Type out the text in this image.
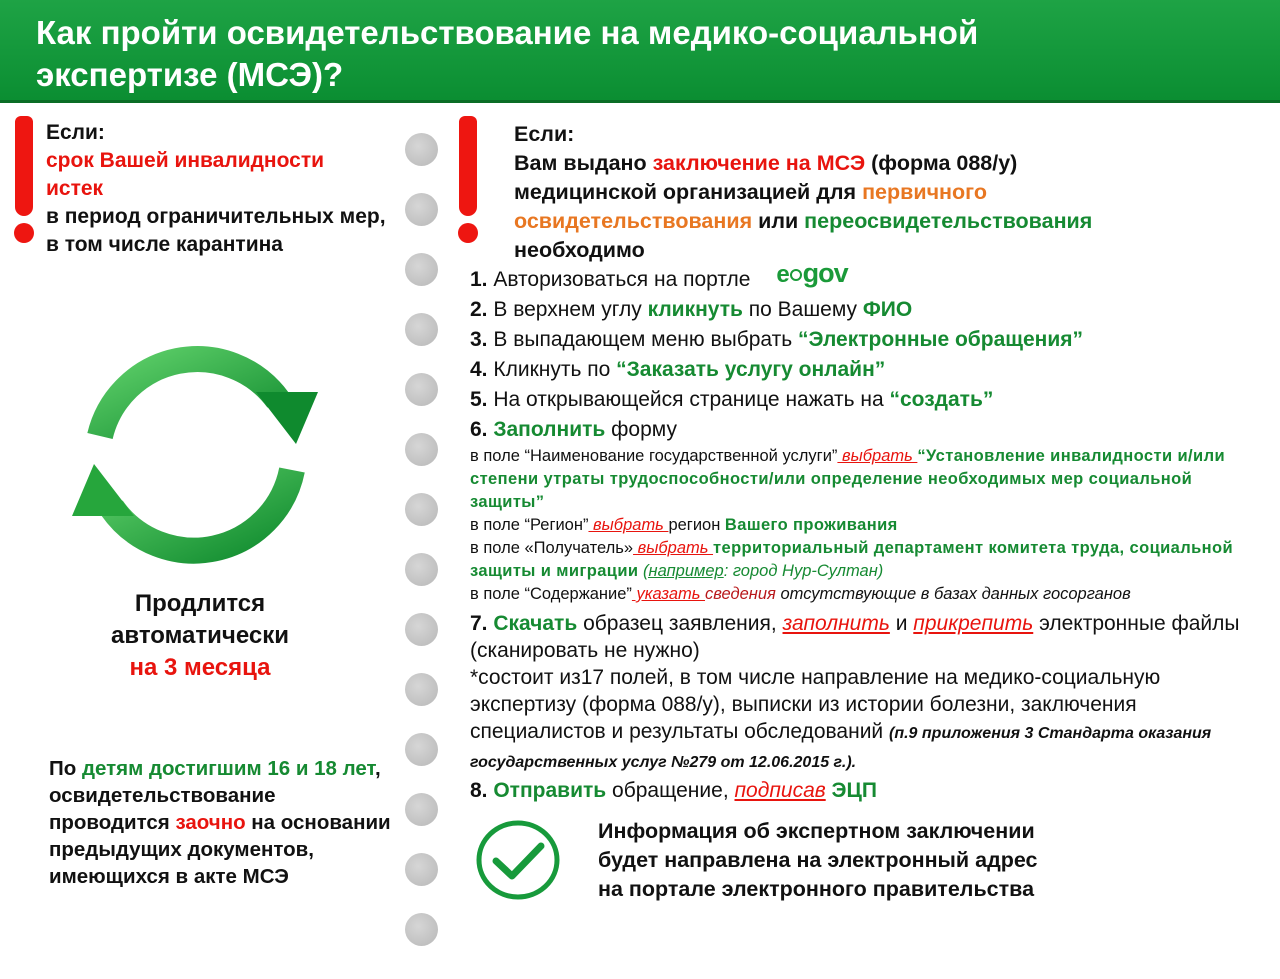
Как пройти освидетельствование на медико-социальной
экспертизе (МСЭ)?
Если:
срок Вашей инвалидности истек
в период ограничительных мер, в том числе карантина
Продлится
автоматически
на 3 месяца
По детям достигшим 16 и 18 лет, освидетельствование проводится заочно на основании предыдущих документов, имеющихся в акте МСЭ
Если:
Вам выдано заключение на МСЭ (форма 088/у)
медицинской организацией для первичного
освидетельствования или переосвидетельствования
необходимо

1. Авторизоваться на портле e gov

2. В верхнем углу кликнуть по Вашему ФИО

3. В выпадающем меню выбрать “Электронные обращения”

4. Кликнуть по “Заказать услугу онлайн”

5. На открывающейся странице нажать на “создать”

6. Заполнить форму

в поле “Наименование государственной услуги” выбрать “Установление инвалидности и/или степени утраты трудоспособности/или определение необходимых мер социальной защиты”

в поле “Регион” выбрать регион Вашего проживания

в поле «Получатель» выбрать территориальный департамент комитета труда, социальной защиты и миграции (например: город Нур-Султан)

в поле “Содержание” указать сведения отсутствующие в базах данных госорганов

7. Скачать образец заявления, заполнить и прикрепить электронные файлы (сканировать не нужно)

*состоит из17 полей, в том числе направление на медико-социальную экспертизу (форма 088/у), выписки из истории болезни, заключения специалистов и результаты обследований (п.9 приложения 3 Стандарта оказания государственных услуг №279 от 12.06.2015 г.).

8. Отправить обращение, подписав ЭЦП

Информация об экспертном заключении
будет направлена на электронный адрес
на портале электронного правительства
